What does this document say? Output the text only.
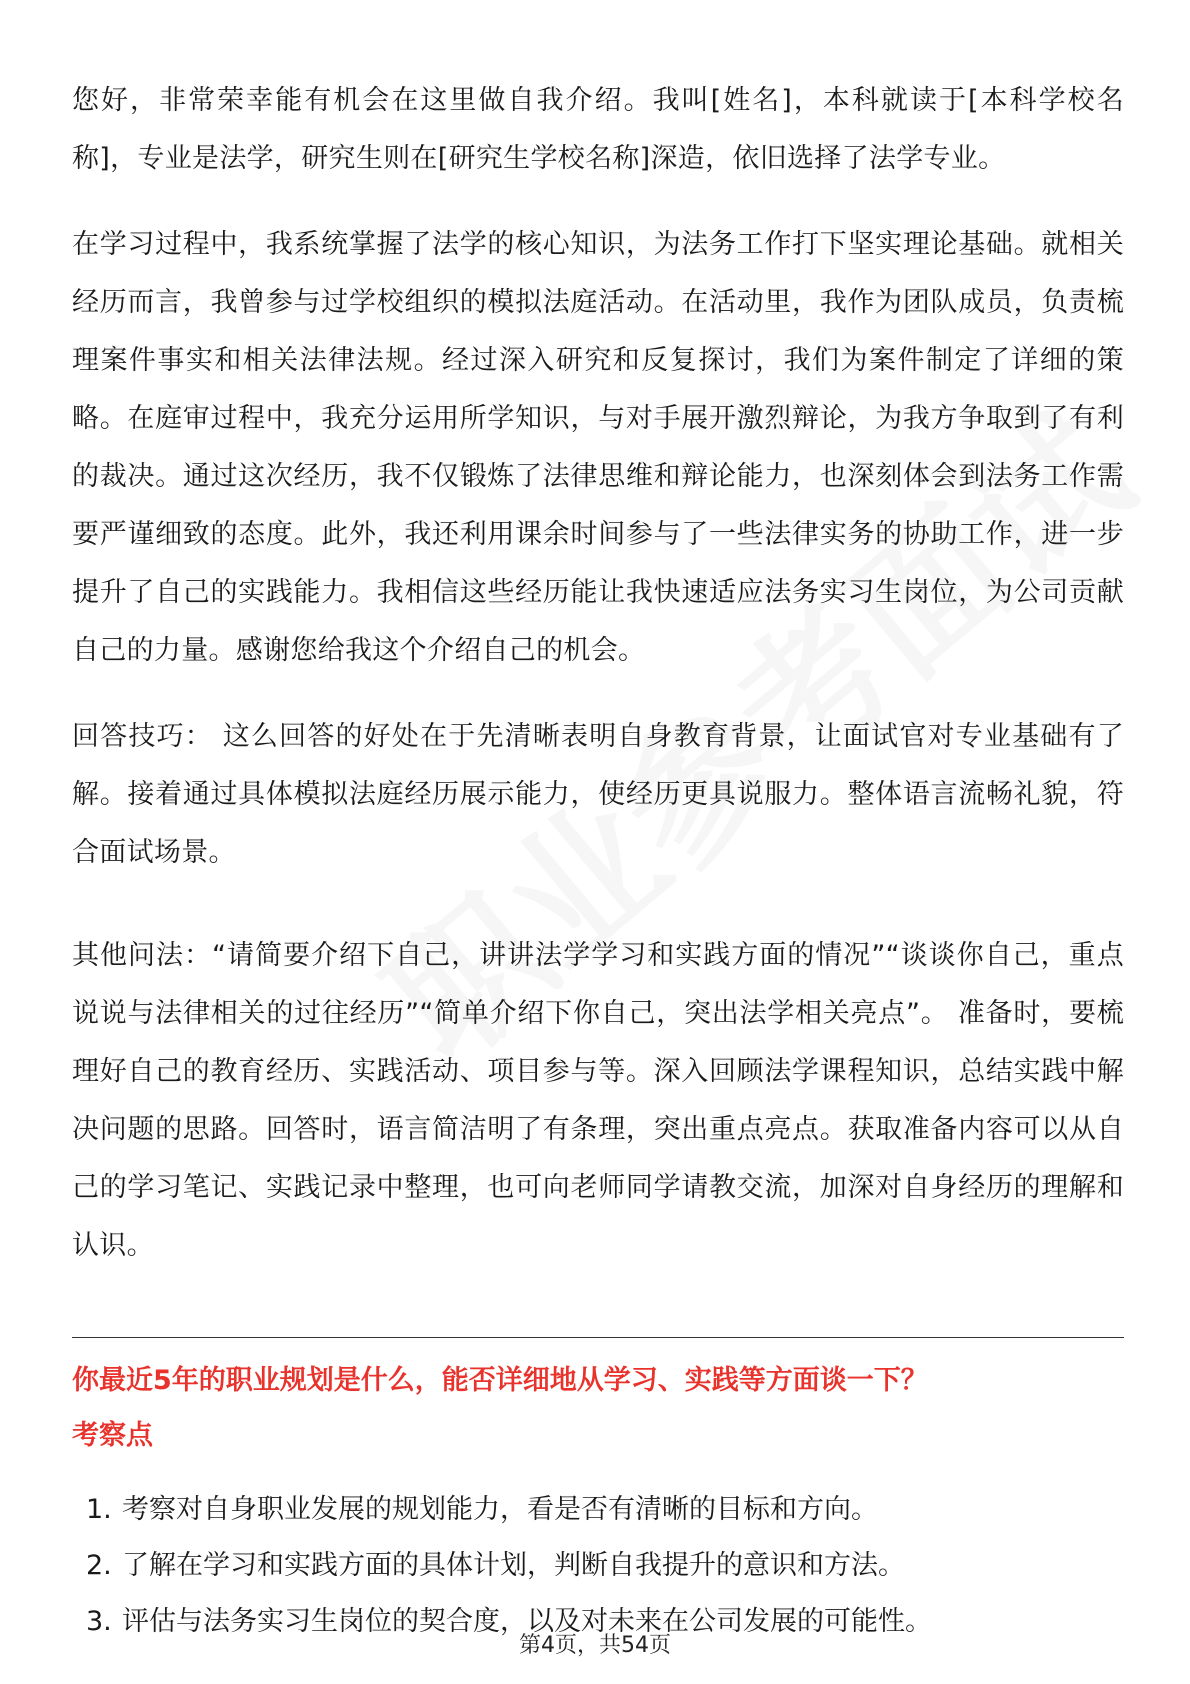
您好，非常荣幸能有机会在这里做自我介绍。我叫[姓名]，本科就读于[本科学校名称]，专业是法学，研究生则在[研究生学校名称]深造，依旧选择了法学专业。

在学习过程中，我系统掌握了法学的核心知识，为法务工作打下坚实理论基础。就相关经历而言，我曾参与过学校组织的模拟法庭活动。在活动里，我作为团队成员，负责梳理案件事实和相关法律法规。经过深入研究和反复探讨，我们为案件制定了详细的策略。在庭审过程中，我充分运用所学知识，与对手展开激烈辩论，为我方争取到了有利的裁决。通过这次经历，我不仅锻炼了法律思维和辩论能力，也深刻体会到法务工作需要严谨细致的态度。此外，我还利用课余时间参与了一些法律实务的协助工作，进一步提升了自己的实践能力。我相信这些经历能让我快速适应法务实习生岗位，为公司贡献自己的力量。感谢您给我这个介绍自己的机会。

回答技巧： 这么回答的好处在于先清晰表明自身教育背景，让面试官对专业基础有了解。接着通过具体模拟法庭经历展示能力，使经历更具说服力。整体语言流畅礼貌，符合面试场景。

其他问法：“请简要介绍下自己，讲讲法学学习和实践方面的情况”“谈谈你自己，重点说说与法律相关的过往经历”“简单介绍下你自己，突出法学相关亮点”。 准备时，要梳理好自己的教育经历、实践活动、项目参与等。深入回顾法学课程知识，总结实践中解决问题的思路。回答时，语言简洁明了有条理，突出重点亮点。获取准备内容可以从自己的学习笔记、实践记录中整理，也可向老师同学请教交流，加深对自身经历的理解和认识。

你最近5年的职业规划是什么，能否详细地从学习、实践等方面谈一下？
考察点
1. 考察对自身职业发展的规划能力，看是否有清晰的目标和方向。
2. 了解在学习和实践方面的具体计划，判断自我提升的意识和方法。
3. 评估与法务实习生岗位的契合度，以及对未来在公司发展的可能性。
第4页，共54页
